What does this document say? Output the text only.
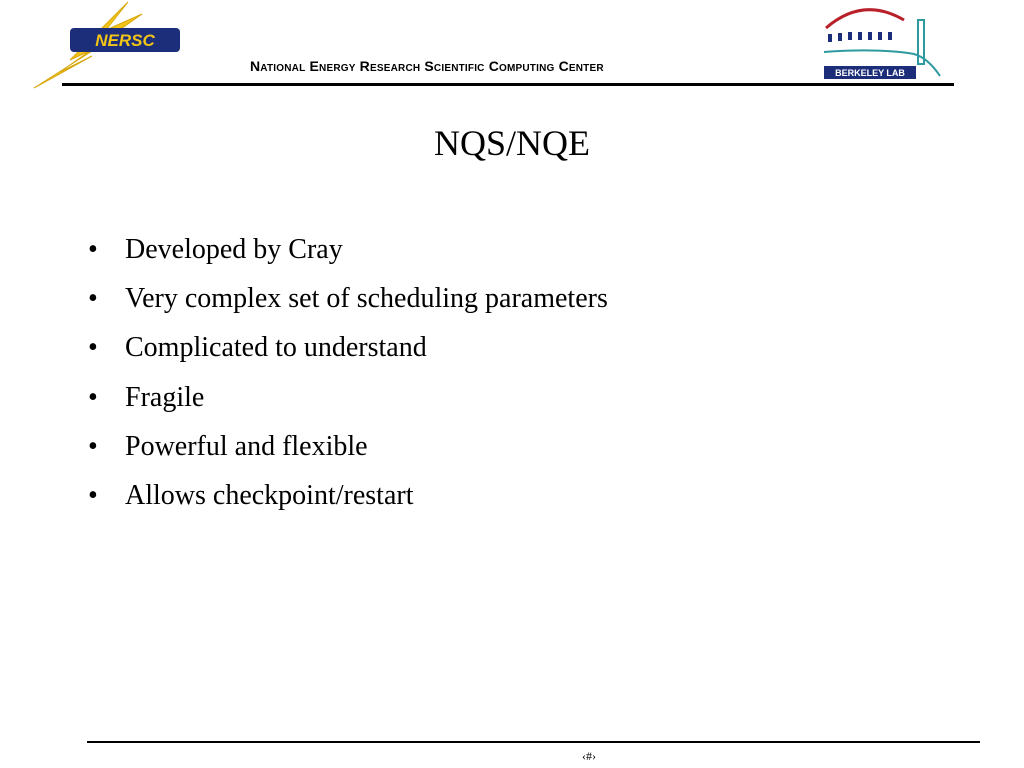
NERSC
National Energy Research Scientific Computing Center	BERKELEY LAB
NQS/NQE
• Developed by Cray
• Very complex set of scheduling parameters
• Complicated to understand
• Fragile
• Powerful and flexible
• Allows checkpoint/restart
‹#›
